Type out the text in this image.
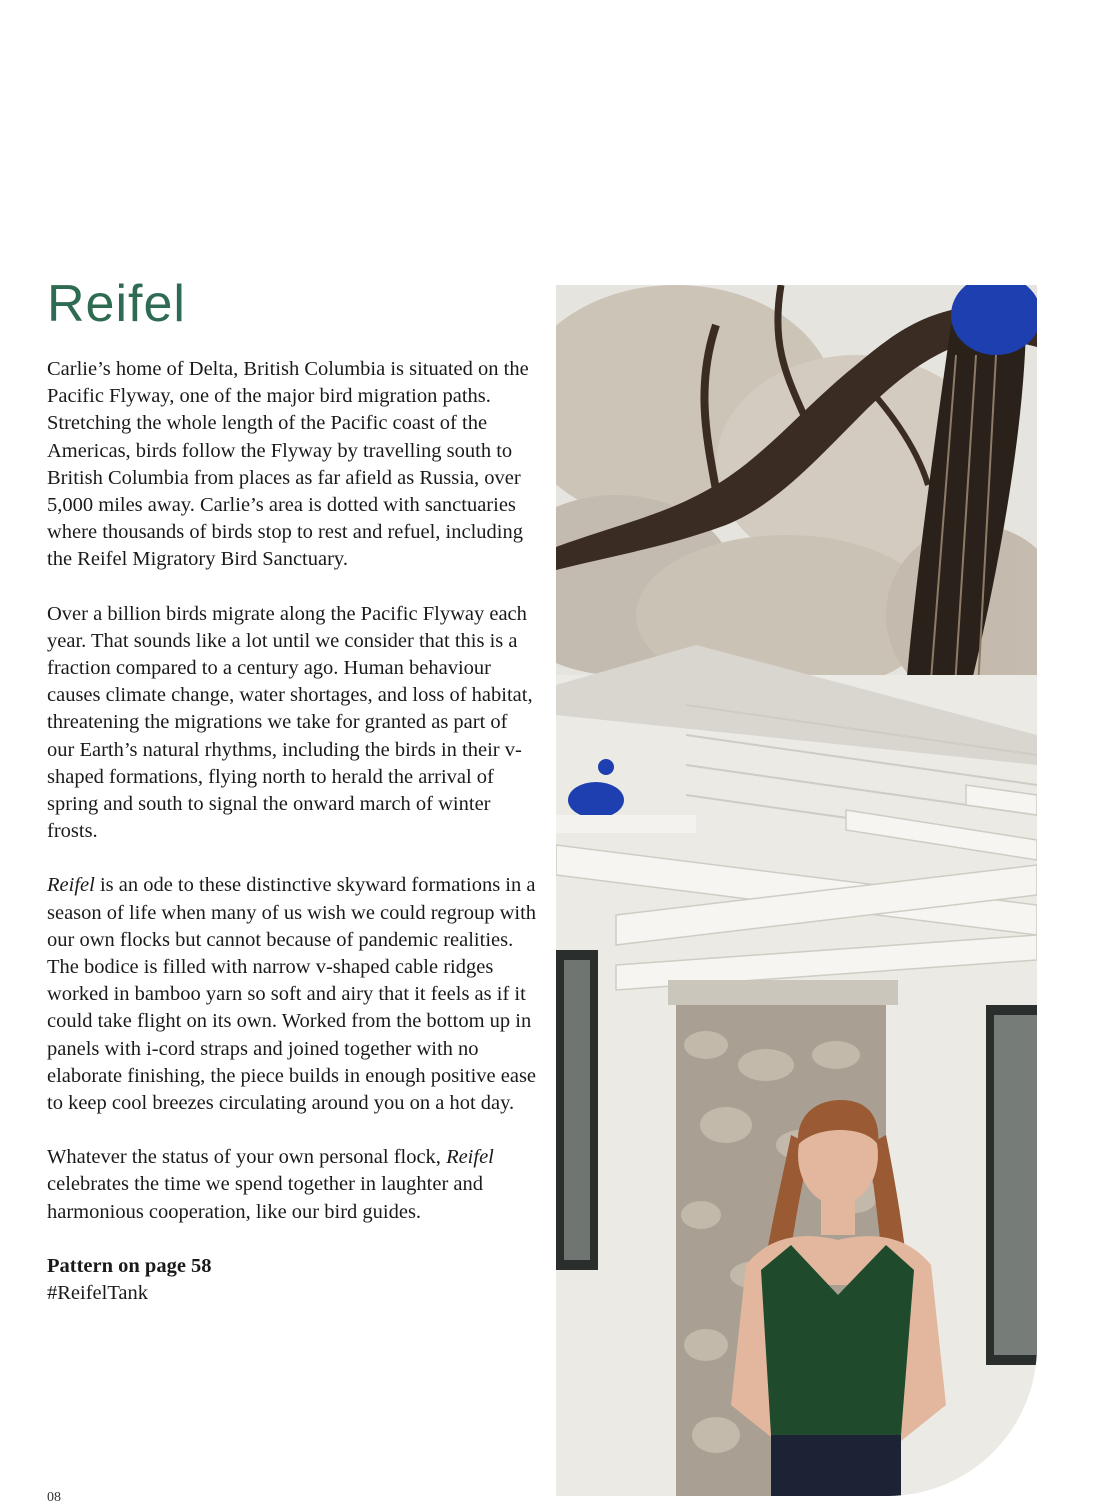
Reifel

Carlie’s home of Delta, British Columbia is situated on the Pacific Flyway, one of the major bird migration paths. Stretching the whole length of the Pacific coast of the Americas, birds follow the Flyway by travelling south to British Columbia from places as far afield as Russia, over 5,000 miles away. Carlie’s area is dotted with sanctuaries where thousands of birds stop to rest and refuel, including the Reifel Migratory Bird Sanctuary.

Over a billion birds migrate along the Pacific Flyway each year. That sounds like a lot until we consider that this is a fraction compared to a century ago. Human behaviour causes climate change, water shortages, and loss of habitat, threatening the migrations we take for granted as part of our Earth’s natural rhythms, including the birds in their v-shaped formations, flying north to herald the arrival of spring and south to signal the onward march of winter frosts.

Reifel is an ode to these distinctive skyward formations in a season of life when many of us wish we could regroup with our own flocks but cannot because of pandemic realities. The bodice is filled with narrow v-shaped cable ridges worked in bamboo yarn so soft and airy that it feels as if it could take flight on its own. Worked from the bottom up in panels with i-cord straps and joined together with no elaborate finishing, the piece builds in enough positive ease to keep cool breezes circulating around you on a hot day.

Whatever the status of your own personal flock, Reifel celebrates the time we spend together in laughter and harmonious cooperation, like our bird guides.

Pattern on page 58
#ReifelTank
08
